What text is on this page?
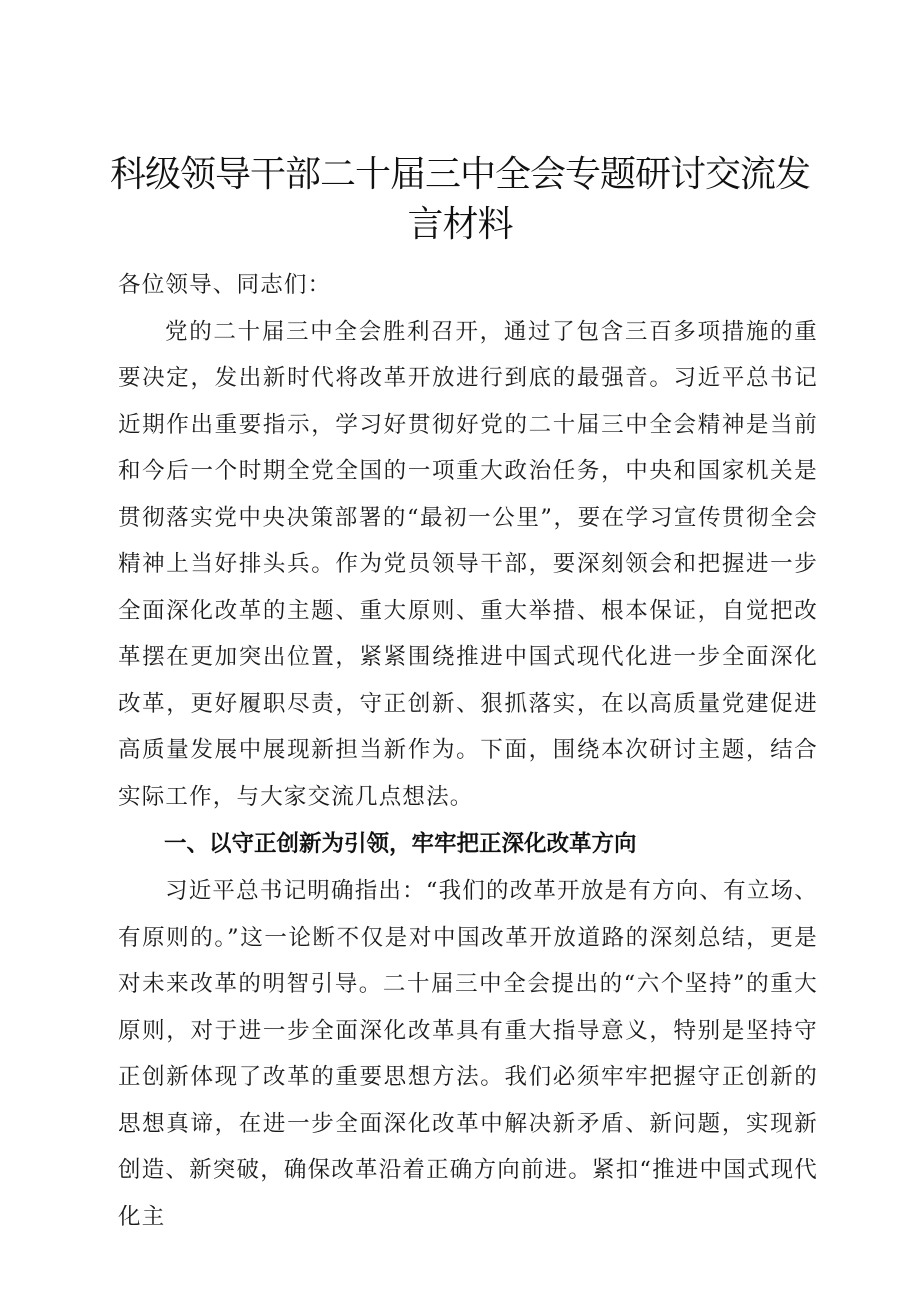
科级领导干部二十届三中全会专题研讨交流发言材料

各位领导、同志们：

党的二十届三中全会胜利召开，通过了包含三百多项措施的重要决定，发出新时代将改革开放进行到底的最强音。习近平总书记近期作出重要指示，学习好贯彻好党的二十届三中全会精神是当前和今后一个时期全党全国的一项重大政治任务，中央和国家机关是贯彻落实党中央决策部署的“最初一公里”，要在学习宣传贯彻全会精神上当好排头兵。作为党员领导干部，要深刻领会和把握进一步全面深化改革的主题、重大原则、重大举措、根本保证，自觉把改革摆在更加突出位置，紧紧围绕推进中国式现代化进一步全面深化改革，更好履职尽责，守正创新、狠抓落实，在以高质量党建促进高质量发展中展现新担当新作为。下面，围绕本次研讨主题，结合实际工作，与大家交流几点想法。

一、以守正创新为引领，牢牢把正深化改革方向

习近平总书记明确指出：“我们的改革开放是有方向、有立场、有原则的。”这一论断不仅是对中国改革开放道路的深刻总结，更是对未来改革的明智引导。二十届三中全会提出的“六个坚持”的重大原则，对于进一步全面深化改革具有重大指导意义，特别是坚持守正创新体现了改革的重要思想方法。我们必须牢牢把握守正创新的思想真谛，在进一步全面深化改革中解决新矛盾、新问题，实现新创造、新突破，确保改革沿着正确方向前进。紧扣“推进中国式现代化主
